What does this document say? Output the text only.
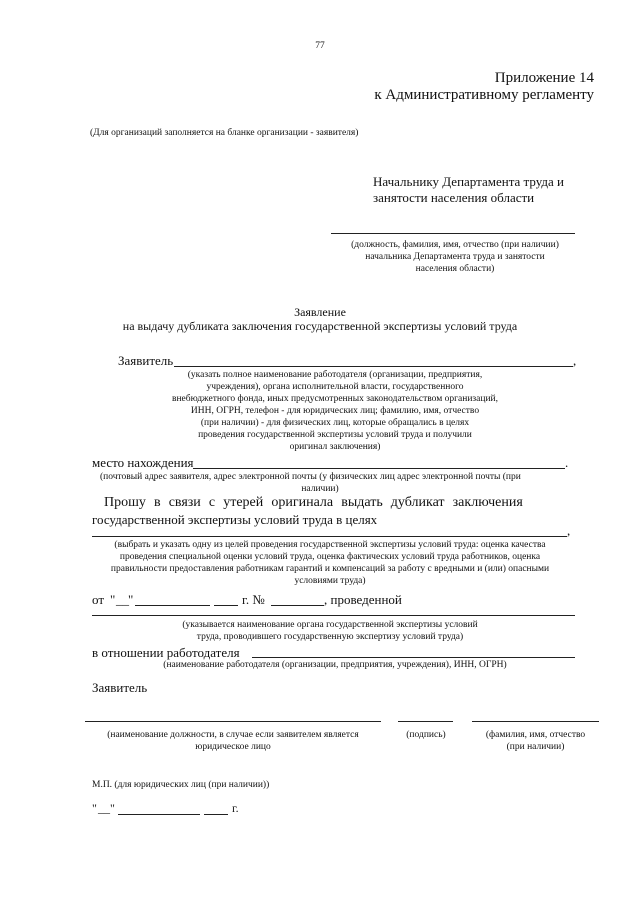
77
Приложение 14
к Административному регламенту
(Для организаций заполняется на бланке организации - заявителя)
Начальнику Департамента труда и
занятости населения области
(должность, фамилия, имя, отчество (при наличии)
начальника Департамента труда и занятости
населения области)
Заявление
на выдачу дубликата заключения государственной экспертизы условий труда
Заявитель	,
(указать полное наименование работодателя (организации, предприятия,
учреждения), органа исполнительной власти, государственного
внебюджетного фонда, иных предусмотренных законодательством организаций,
ИНН, ОГРН, телефон - для юридических лиц; фамилию, имя, отчество
(при наличии) - для физических лиц, которые обращались в целях
проведения государственной экспертизы условий труда и получили
оригинал заключения)
место нахождения	.
(почтовый адрес заявителя, адрес электронной почты (у физических лиц адрес электронной почты (при
наличии)
Прошу в связи с утерей оригинала выдать дубликат заключения
государственной экспертизы условий труда в целях
,
(выбрать и указать одну из целей проведения государственной экспертизы условий труда: оценка качества
проведения специальной оценки условий труда, оценка фактических условий труда работников, оценка
правильности предоставления работникам гарантий и компенсаций за работу с вредными и (или) опасными
условиями труда)
от " __ "	г. №	, проведенной
(указывается наименование органа государственной экспертизы условий
труда, проводившего государственную экспертизу условий труда)
в отношении работодателя
(наименование работодателя (организации, предприятия, учреждения), ИНН, ОГРН)
Заявитель
(наименование должности, в случае если заявителем является
юридическое лицо
(подпись)	(фамилия, имя, отчество
(при наличии)
М.П. (для юридических лиц (при наличии))
" __ "	г.
